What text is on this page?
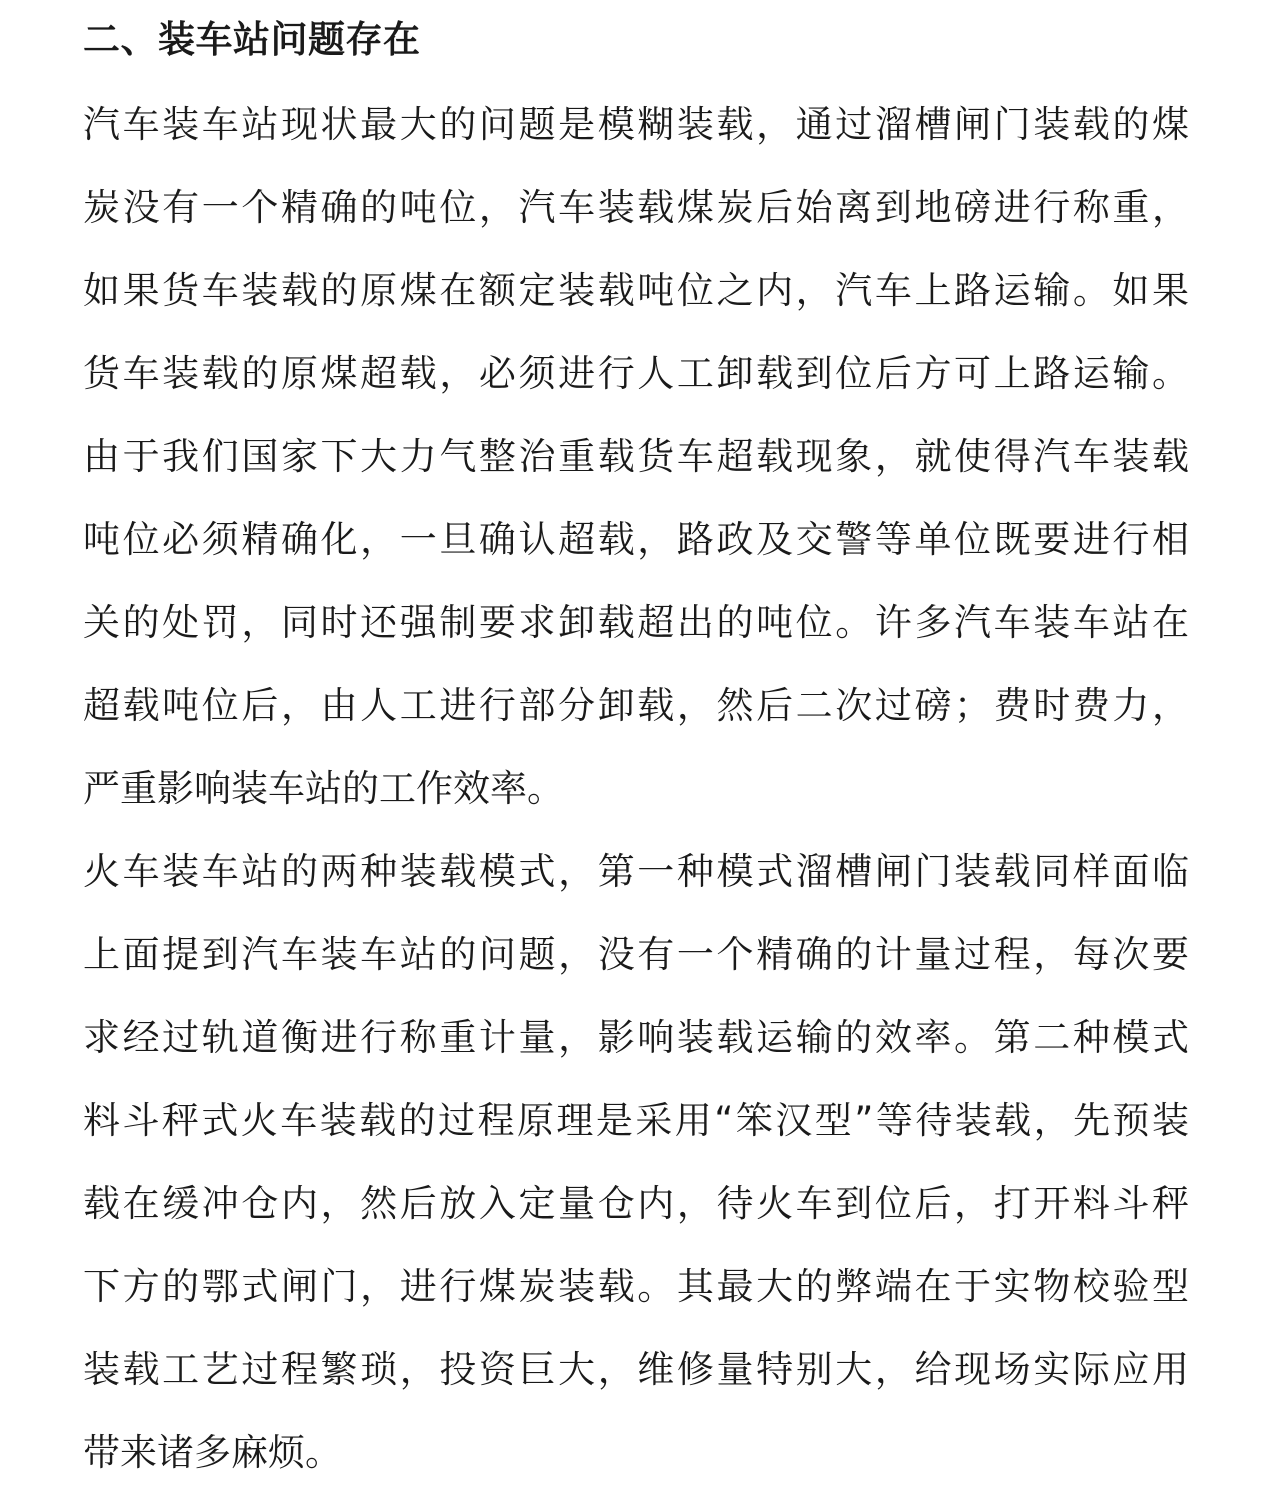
二、装车站问题存在

汽车装车站现状最大的问题是模糊装载，通过溜槽闸门装载的煤

炭没有一个精确的吨位，汽车装载煤炭后始离到地磅进行称重，

如果货车装载的原煤在额定装载吨位之内，汽车上路运输。如果

货车装载的原煤超载，必须进行人工卸载到位后方可上路运输。

由于我们国家下大力气整治重载货车超载现象，就使得汽车装载

吨位必须精确化，一旦确认超载，路政及交警等单位既要进行相

关的处罚，同时还强制要求卸载超出的吨位。许多汽车装车站在

超载吨位后，由人工进行部分卸载，然后二次过磅；费时费力，

严重影响装车站的工作效率。

火车装车站的两种装载模式，第一种模式溜槽闸门装载同样面临

上面提到汽车装车站的问题，没有一个精确的计量过程，每次要

求经过轨道衡进行称重计量，影响装载运输的效率。第二种模式

料斗秤式火车装载的过程原理是采用“笨汉型”等待装载，先预装

载在缓冲仓内，然后放入定量仓内，待火车到位后，打开料斗秤

下方的鄂式闸门，进行煤炭装载。其最大的弊端在于实物校验型

装载工艺过程繁琐，投资巨大，维修量特别大，给现场实际应用

带来诸多麻烦。
